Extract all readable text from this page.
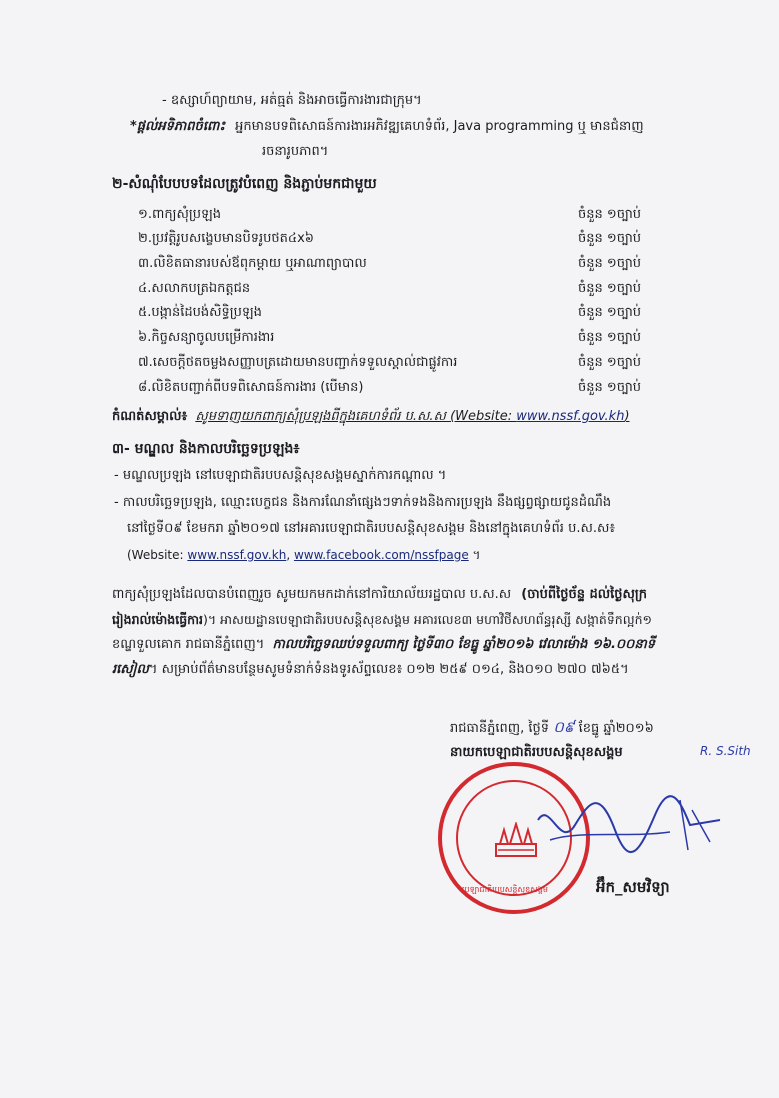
- ឧស្សាហ៍ព្យាយាម, អត់ធ្មត់ និងអាចធ្វើការងារជាក្រុម។
*ផ្តល់អទិភាពចំពោះ អ្នកមានបទពិសោធន៍ការងារអភិវឌ្ឍគេហទំព័រ, Java programming ឬ មានជំនាញ
រចនារូបភាព។
២-សំណុំបែបបទដែលត្រូវបំពេញ និងភ្ជាប់មកជាមួយ
១.ពាក្យសុំប្រឡង	ចំនួន ១ច្បាប់
២.ប្រវត្តិរូបសង្ខេបមានបិទរូបថត៤x៦	ចំនួន ១ច្បាប់
៣.លិខិតធានារបស់ឪពុកម្តាយ ឬអាណាព្យាបាល	ចំនួន ១ច្បាប់
៤.សលាកបត្រឯកត្តជន	ចំនួន ១ច្បាប់
៥.បង្កាន់ដៃបង់សិទ្ធិប្រឡង	ចំនួន ១ច្បាប់
៦.កិច្ចសន្យាចូលបម្រើការងារ	ចំនួន ១ច្បាប់
៧.សេចក្តីថតចម្លងសញ្ញាបត្រដោយមានបញ្ជាក់ទទួលស្គាល់ជាផ្លូវការ	ចំនួន ១ច្បាប់
៨.លិខិតបញ្ជាក់ពីបទពិសោធន៍ការងារ (បើមាន)	ចំនួន ១ច្បាប់
កំណត់សម្គាល់៖ សូមទាញយកពាក្យសុំប្រឡងពីក្នុងគេហទំព័រ ប.ស.ស (Website: www.nssf.gov.kh)
៣- មណ្ឌល និងកាលបរិច្ឆេទប្រឡង៖
- មណ្ឌលប្រឡង នៅបេឡាជាតិរបបសន្តិសុខសង្គមស្នាក់ការកណ្តាល ។
- កាលបរិច្ឆេទប្រឡង, ឈ្មោះបេក្ខជន និងការណែនាំផ្សេងៗទាក់ទងនិងការប្រឡង នឹងផ្សព្វផ្សាយជូនដំណឹង
នៅថ្ងៃទី០៩ ខែមករា ឆ្នាំ២០១៧ នៅអគារបេឡាជាតិរបបសន្តិសុខសង្គម និងនៅក្នុងគេហទំព័រ ប.ស.ស៖
(Website: www.nssf.gov.kh, www.facebook.com/nssfpage ។
ពាក្យសុំប្រឡងដែលបានបំពេញរួច សូមយកមកដាក់នៅការិយាល័យរដ្ឋបាល ប.ស.ស (ចាប់ពីថ្ងៃច័ន្ទ ដល់ថ្ងៃសុក្រ
រៀងរាល់ម៉ោងធ្វើការ)។ អាសយដ្ឋានបេឡាជាតិរបបសន្តិសុខសង្គម អគារលេខ៣ មហាវិថីសហព័ន្ធរុស្សី សង្កាត់ទឹកល្អក់១
ខណ្ឌទួលគោក រាជធានីភ្នំពេញ។ កាលបរិច្ឆេទឈប់ទទួលពាក្យ ថ្ងៃទី៣០ ខែធ្នូ ឆ្នាំ២០១៦ វេលាម៉ោង ១៦.០០នាទី
រសៀល។ សម្រាប់ព័ត៌មានបន្ថែមសូមទំនាក់ទំនងទូរស័ព្ទលេខ៖ ០១២ ២៥៩ ០១៤, និង០១០ ២៧០ ៧៦៥។
រាជធានីភ្នំពេញ, ថ្ងៃទី ០៩ ខែធ្នូ ឆ្នាំ២០១៦
នាយកបេឡាជាតិរបបសន្តិសុខសង្គម	R. S.Sith
បេឡាជាតិរបបសន្តិសុខសង្គម	អ៊ឹក_សមវិទ្យា
